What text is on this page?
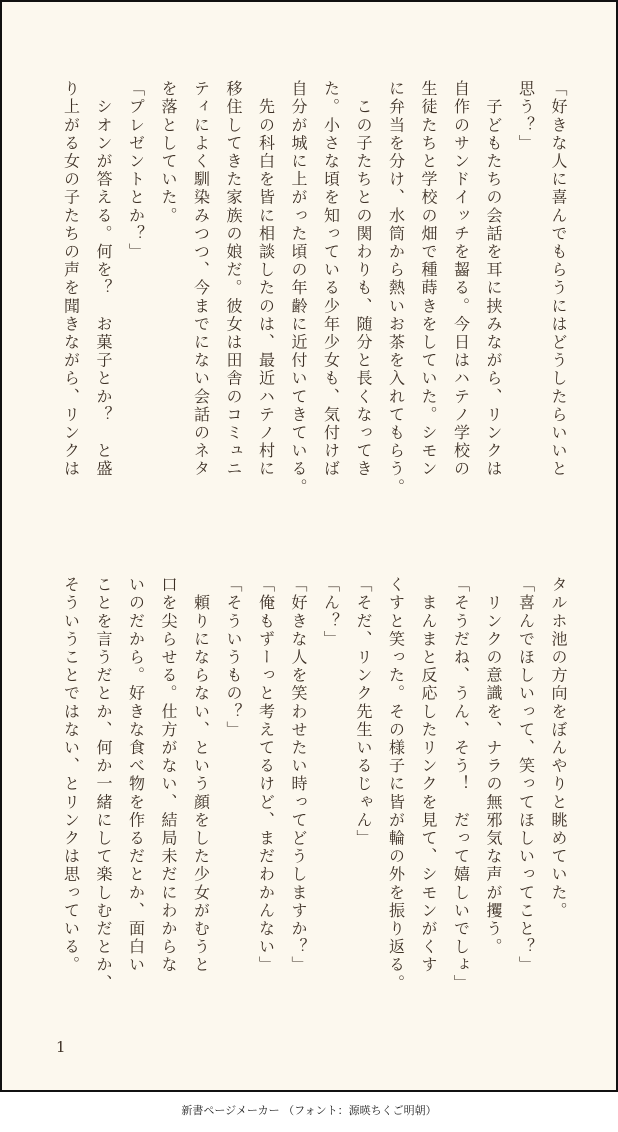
「好きな人に喜んでもらうにはどうしたらいいと
思う？」
　子どもたちの会話を耳に挟みながら、リンクは
自作のサンドイッチを齧る。今日はハテノ学校の
生徒たちと学校の畑で種蒔きをしていた。シモン
に弁当を分け、水筒から熱いお茶を入れてもらう。
　この子たちとの関わりも、随分と長くなってき
た。小さな頃を知っている少年少女も、気付けば
自分が城に上がった頃の年齢に近付いてきている。
　先の科白を皆に相談したのは、最近ハテノ村に
移住してきた家族の娘だ。彼女は田舎のコミュニ
ティによく馴染みつつ、今までにない会話のネタ
を落としていた。
「プレゼントとか？」
　シオンが答える。何を？　お菓子とか？　と盛
り上がる女の子たちの声を聞きながら、リンクは
タルホ池の方向をぼんやりと眺めていた。
「喜んでほしいって、笑ってほしいってこと？」
　リンクの意識を、ナラの無邪気な声が攫う。
「そうだね、うん、そう！　だって嬉しいでしょ」
　まんまと反応したリンクを見て、シモンがくす
くすと笑った。その様子に皆が輪の外を振り返る。
「そだ、リンク先生いるじゃん」
「ん？」
「好きな人を笑わせたい時ってどうしますか？」
「俺もずーっと考えてるけど、まだわかんない」
「そういうもの？」
　頼りにならない、という顔をした少女がむうと
口を尖らせる。仕方がない、結局未だにわからな
いのだから。好きな食べ物を作るだとか、面白い
ことを言うだとか、何か一緒にして楽しむだとか、
そういうことではない、とリンクは思っている。
1
新書ページメーカー （フォント：源暎ちくご明朝）
